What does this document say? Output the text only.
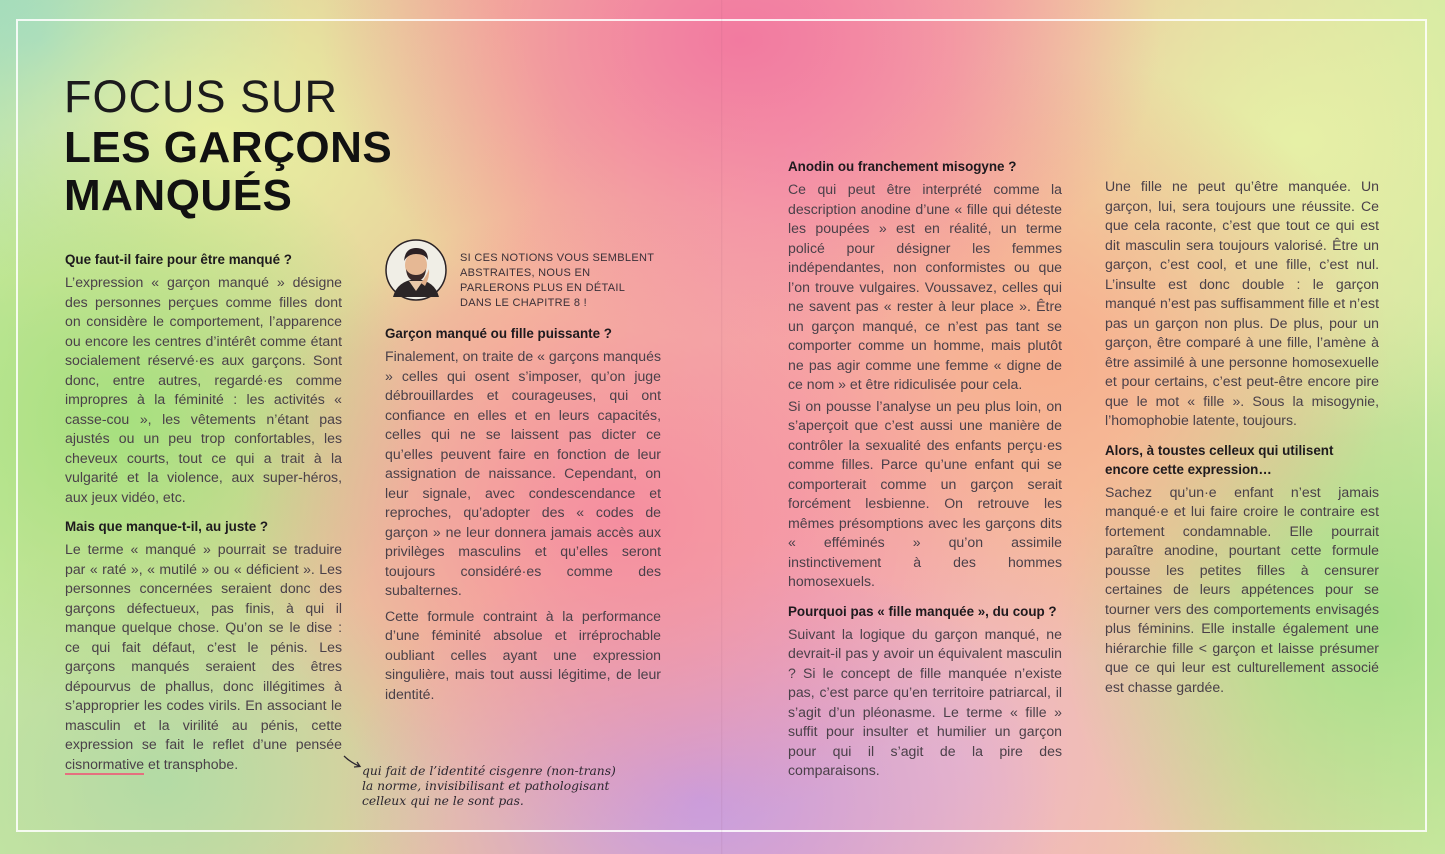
FOCUS SUR
LES GARÇONS
MANQUÉS
Que faut-il faire pour être manqué ?

L’expression « garçon manqué » désigne des personnes perçues comme filles dont on considère le comportement, l’apparence ou encore les centres d’intérêt comme étant socialement réservé·es aux garçons. Sont donc, entre autres, regardé·es comme impropres à la féminité : les activités « casse-cou », les vêtements n’étant pas ajustés ou un peu trop confortables, les cheveux courts, tout ce qui a trait à la vulgarité et la violence, aux super-héros, aux jeux vidéo, etc.

Mais que manque-t-il, au juste ?

Le terme « manqué » pourrait se traduire par « raté », « mutilé » ou « déficient ». Les personnes concernées seraient donc des garçons défectueux, pas finis, à qui il manque quelque chose. Qu’on se le dise : ce qui fait défaut, c’est le pénis. Les garçons manqués seraient des êtres dépourvus de phallus, donc illégitimes à s’approprier les codes virils. En associant le masculin et la virilité au pénis, cette expression se fait le reflet d’une pensée cisnormative et transphobe.

SI CES NOTIONS VOUS SEMBLENT
ABSTRAITES, NOUS EN
PARLERONS PLUS EN DÉTAIL
DANS LE CHAPITRE 8 !
Garçon manqué ou fille puissante ?

Finalement, on traite de « garçons manqués » celles qui osent s’imposer, qu’on juge débrouillardes et courageuses, qui ont confiance en elles et en leurs capacités, celles qui ne se laissent pas dicter ce qu’elles peuvent faire en fonction de leur assignation de naissance. Cependant, on leur signale, avec condescendance et reproches, qu’adopter des « codes de garçon » ne leur donnera jamais accès aux privilèges masculins et qu’elles seront toujours considéré·es comme des subalternes.

Cette formule contraint à la performance d’une féminité absolue et irréprochable oubliant celles ayant une expression singulière, mais tout aussi légitime, de leur identité.

qui fait de l’identité cisgenre (non-trans)
la norme, invisibilisant et pathologisant
celleux qui ne le sont pas.
Anodin ou franchement misogyne ?

Ce qui peut être interprété comme la description anodine d’une « fille qui déteste les poupées » est en réalité, un terme policé pour désigner les femmes indépendantes, non conformistes ou que l’on trouve vulgaires. Voussavez, celles qui ne savent pas « rester à leur place ». Être un garçon manqué, ce n’est pas tant se comporter comme un homme, mais plutôt ne pas agir comme une femme « digne de ce nom » et être ridiculisée pour cela.

Si on pousse l’analyse un peu plus loin, on s’aperçoit que c’est aussi une manière de contrôler la sexualité des enfants perçu·es comme filles. Parce qu’une enfant qui se comporterait comme un garçon serait forcément lesbienne. On retrouve les mêmes présomptions avec les garçons dits « efféminés » qu’on assimile instinctivement à des hommes homosexuels.

Pourquoi pas « fille manquée », du coup ?

Suivant la logique du garçon manqué, ne devrait-il pas y avoir un équivalent masculin ? Si le concept de fille manquée n’existe pas, c’est parce qu’en territoire patriarcal, il s’agit d’un pléonasme. Le terme « fille » suffit pour insulter et humilier un garçon pour qui il s’agit de la pire des comparaisons.

Une fille ne peut qu’être manquée. Un garçon, lui, sera toujours une réussite. Ce que cela raconte, c’est que tout ce qui est dit masculin sera toujours valorisé. Être un garçon, c’est cool, et une fille, c’est nul. L’insulte est donc double : le garçon manqué n’est pas suffisamment fille et n’est pas un garçon non plus. De plus, pour un garçon, être comparé à une fille, l’amène à être assimilé à une personne homosexuelle et pour certains, c’est peut-être encore pire que le mot « fille ». Sous la misogynie, l’homophobie latente, toujours.

Alors, à toustes celleux qui utilisent encore cette expression…

Sachez qu’un·e enfant n’est jamais manqué·e et lui faire croire le contraire est fortement condamnable. Elle pourrait paraître anodine, pourtant cette formule pousse les petites filles à censurer certaines de leurs appétences pour se tourner vers des comportements envisagés plus féminins. Elle installe également une hiérarchie fille < garçon et laisse présumer que ce qui leur est culturellement associé est chasse gardée.
